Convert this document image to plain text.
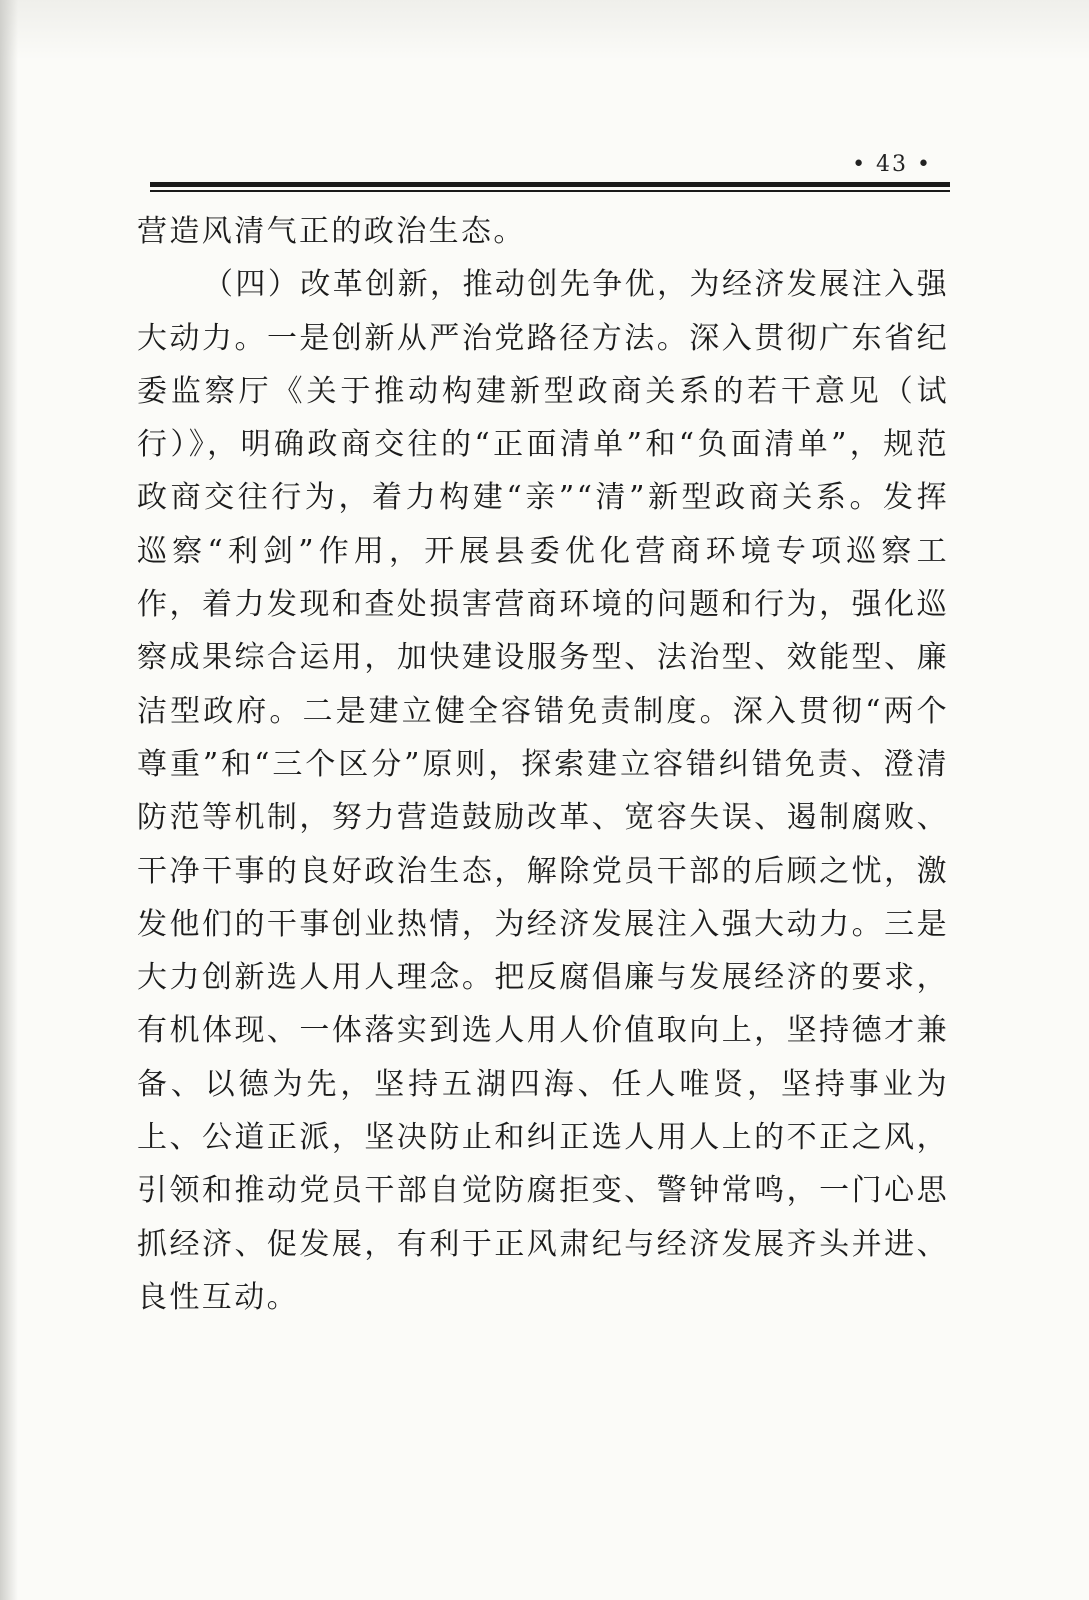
• 43 •

营造风清气正的政治生态。

（四）改革创新，推动创先争优，为经济发展注入强大动力。一是创新从严治党路径方法。深入贯彻广东省纪委监察厅《关于推动构建新型政商关系的若干意见（试行）》，明确政商交往的“正面清单”和“负面清单”，规范政商交往行为，着力构建“亲”“清”新型政商关系。发挥巡察“利剑”作用，开展县委优化营商环境专项巡察工作，着力发现和查处损害营商环境的问题和行为，强化巡察成果综合运用，加快建设服务型、法治型、效能型、廉洁型政府。二是建立健全容错免责制度。深入贯彻“两个尊重”和“三个区分”原则，探索建立容错纠错免责、澄清防范等机制，努力营造鼓励改革、宽容失误、遏制腐败、干净干事的良好政治生态，解除党员干部的后顾之忧，激发他们的干事创业热情，为经济发展注入强大动力。三是大力创新选人用人理念。把反腐倡廉与发展经济的要求，有机体现、一体落实到选人用人价值取向上，坚持德才兼备、以德为先，坚持五湖四海、任人唯贤，坚持事业为上、公道正派，坚决防止和纠正选人用人上的不正之风，引领和推动党员干部自觉防腐拒变、警钟常鸣，一门心思抓经济、促发展，有利于正风肃纪与经济发展齐头并进、良性互动。
